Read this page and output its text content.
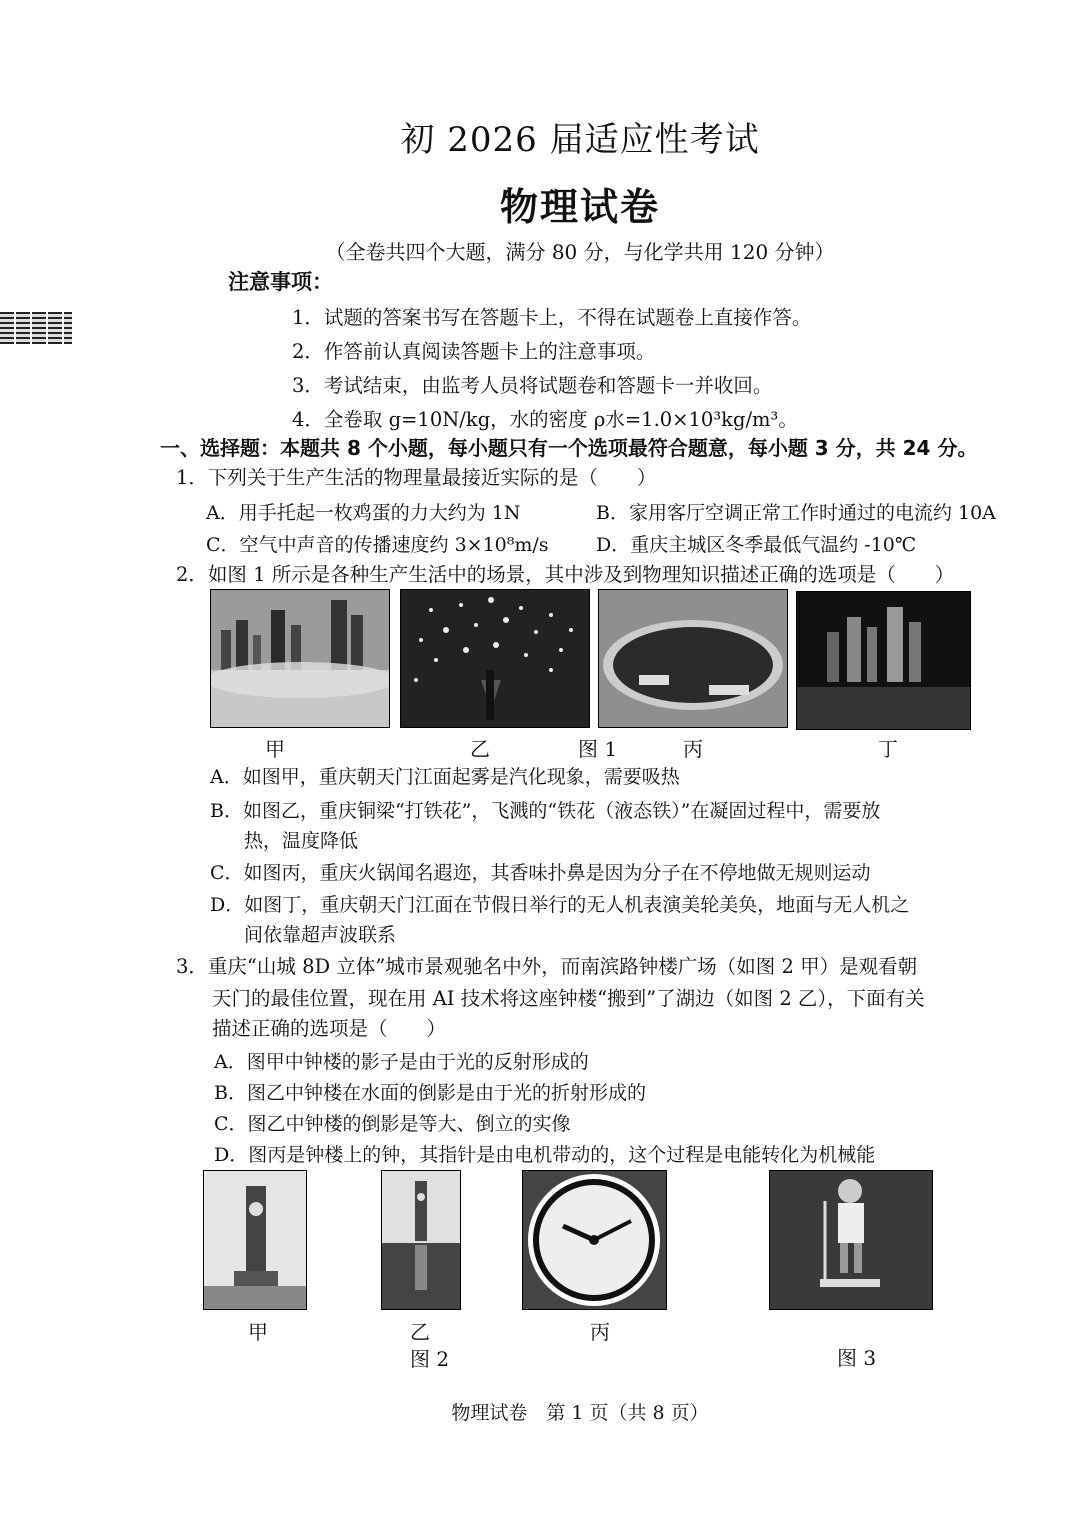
初 2026 届适应性考试
物理试卷
（全卷共四个大题，满分 80 分，与化学共用 120 分钟）
注意事项：
1．试题的答案书写在答题卡上，不得在试题卷上直接作答。
2．作答前认真阅读答题卡上的注意事项。
3．考试结束，由监考人员将试题卷和答题卡一并收回。
4．全卷取 g=10N/kg，水的密度 ρ水=1.0×10³kg/m³。
一、选择题：本题共 8 个小题，每小题只有一个选项最符合题意，每小题 3 分，共 24 分。
1．下列关于生产生活的物理量最接近实际的是（　　）
A．用手托起一枚鸡蛋的力大约为 1N	B．家用客厅空调正常工作时通过的电流约 10A
C．空气中声音的传播速度约 3×10⁸m/s D．重庆主城区冬季最低气温约 -10℃
2．如图 1 所示是各种生产生活中的场景，其中涉及到物理知识描述正确的选项是（　　）
甲	乙	图 1	丙	丁
A．如图甲，重庆朝天门江面起雾是汽化现象，需要吸热
B．如图乙，重庆铜梁“打铁花”，飞溅的“铁花（液态铁）”在凝固过程中，需要放
热，温度降低
C．如图丙，重庆火锅闻名遐迩，其香味扑鼻是因为分子在不停地做无规则运动
D．如图丁，重庆朝天门江面在节假日举行的无人机表演美轮美奂，地面与无人机之
间依靠超声波联系
3．重庆“山城 8D 立体”城市景观驰名中外，而南滨路钟楼广场（如图 2 甲）是观看朝
天门的最佳位置，现在用 AI 技术将这座钟楼“搬到”了湖边（如图 2 乙），下面有关
描述正确的选项是（　　）
A．图甲中钟楼的影子是由于光的反射形成的
B．图乙中钟楼在水面的倒影是由于光的折射形成的
C．图乙中钟楼的倒影是等大、倒立的实像
D．图丙是钟楼上的钟，其指针是由电机带动的，这个过程是电能转化为机械能
甲	乙	丙
图 2	图 3
物理试卷　第 1 页（共 8 页）
